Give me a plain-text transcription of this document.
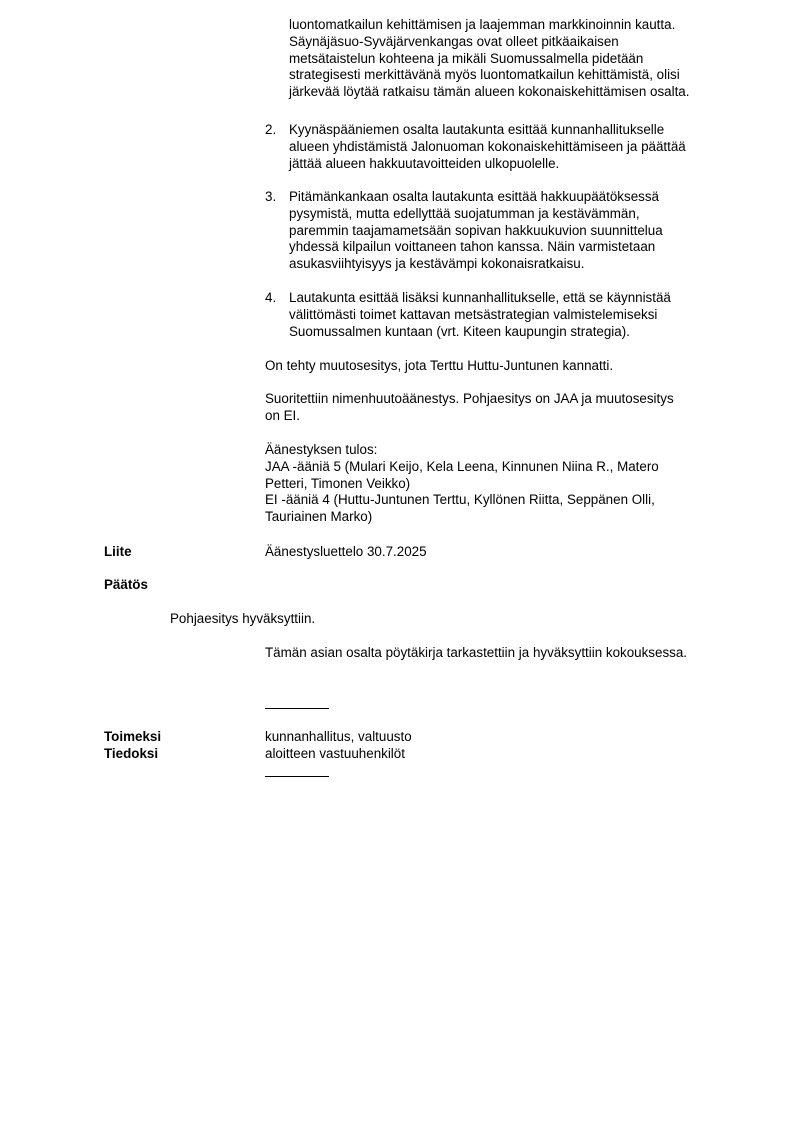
luontomatkailun kehittämisen ja laajemman markkinoinnin kautta.
Säynäjäsuo-Syväjärvenkangas ovat olleet pitkäaikaisen
metsätaistelun kohteena ja mikäli Suomussalmella pidetään
strategisesti merkittävänä myös luontomatkailun kehittämistä, olisi
järkevää löytää ratkaisu tämän alueen kokonaiskehittämisen osalta.
2. Kyynäspääniemen osalta lautakunta esittää kunnanhallitukselle
alueen yhdistämistä Jalonuoman kokonaiskehittämiseen ja päättää
jättää alueen hakkuutavoitteiden ulkopuolelle.
3. Pitämänkankaan osalta lautakunta esittää hakkuupäätöksessä
pysymistä, mutta edellyttää suojatumman ja kestävämmän,
paremmin taajamametsään sopivan hakkuukuvion suunnittelua
yhdessä kilpailun voittaneen tahon kanssa. Näin varmistetaan
asukasviihtyisyys ja kestävämpi kokonaisratkaisu.
4. Lautakunta esittää lisäksi kunnanhallitukselle, että se käynnistää
välittömästi toimet kattavan metsästrategian valmistelemiseksi
Suomussalmen kuntaan (vrt. Kiteen kaupungin strategia).
On tehty muutosesitys, jota Terttu Huttu-Juntunen kannatti.
Suoritettiin nimenhuutoäänestys. Pohjaesitys on JAA ja muutosesitys
on EI.
Äänestyksen tulos:
JAA -ääniä 5 (Mulari Keijo, Kela Leena, Kinnunen Niina R., Matero
Petteri, Timonen Veikko)
EI -ääniä 4 (Huttu-Juntunen Terttu, Kyllönen Riitta, Seppänen Olli,
Tauriainen Marko)
Liite	Äänestysluettelo 30.7.2025
Päätös
Pohjaesitys hyväksyttiin.
Tämän asian osalta pöytäkirja tarkastettiin ja hyväksyttiin kokouksessa.
Toimeksi	kunnanhallitus, valtuusto
Tiedoksi	aloitteen vastuuhenkilöt
